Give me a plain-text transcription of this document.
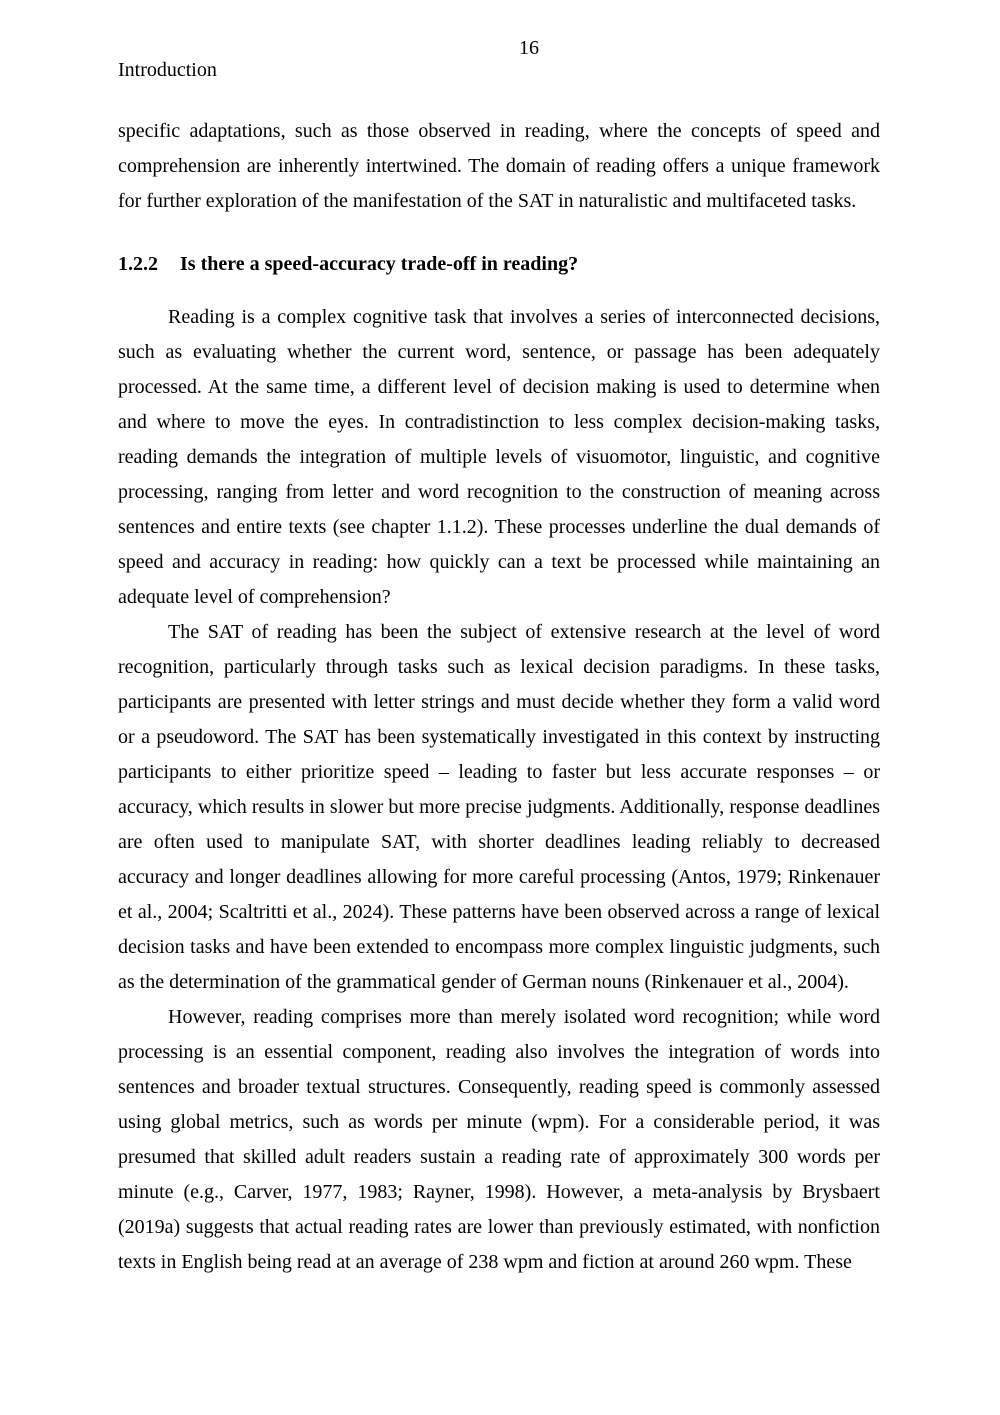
16
Introduction

specific adaptations, such as those observed in reading, where the concepts of speed and comprehension are inherently intertwined. The domain of reading offers a unique framework for further exploration of the manifestation of the SAT in naturalistic and multifaceted tasks.

1.2.2 Is there a speed-accuracy trade-off in reading?

Reading is a complex cognitive task that involves a series of interconnected decisions, such as evaluating whether the current word, sentence, or passage has been adequately processed. At the same time, a different level of decision making is used to determine when and where to move the eyes. In contradistinction to less complex decision-making tasks, reading demands the integration of multiple levels of visuomotor, linguistic, and cognitive processing, ranging from letter and word recognition to the construction of meaning across sentences and entire texts (see chapter 1.1.2). These processes underline the dual demands of speed and accuracy in reading: how quickly can a text be processed while maintaining an adequate level of comprehension?

The SAT of reading has been the subject of extensive research at the level of word recognition, particularly through tasks such as lexical decision paradigms. In these tasks, participants are presented with letter strings and must decide whether they form a valid word or a pseudoword. The SAT has been systematically investigated in this context by instructing participants to either prioritize speed – leading to faster but less accurate responses – or accuracy, which results in slower but more precise judgments. Additionally, response deadlines are often used to manipulate SAT, with shorter deadlines leading reliably to decreased accuracy and longer deadlines allowing for more careful processing (Antos, 1979; Rinkenauer et al., 2004; Scaltritti et al., 2024). These patterns have been observed across a range of lexical decision tasks and have been extended to encompass more complex linguistic judgments, such as the determination of the grammatical gender of German nouns (Rinkenauer et al., 2004).

However, reading comprises more than merely isolated word recognition; while word processing is an essential component, reading also involves the integration of words into sentences and broader textual structures. Consequently, reading speed is commonly assessed using global metrics, such as words per minute (wpm). For a considerable period, it was presumed that skilled adult readers sustain a reading rate of approximately 300 words per minute (e.g., Carver, 1977, 1983; Rayner, 1998). However, a meta-analysis by Brysbaert (2019a) suggests that actual reading rates are lower than previously estimated, with nonfiction texts in English being read at an average of 238 wpm and fiction at around 260 wpm. These
